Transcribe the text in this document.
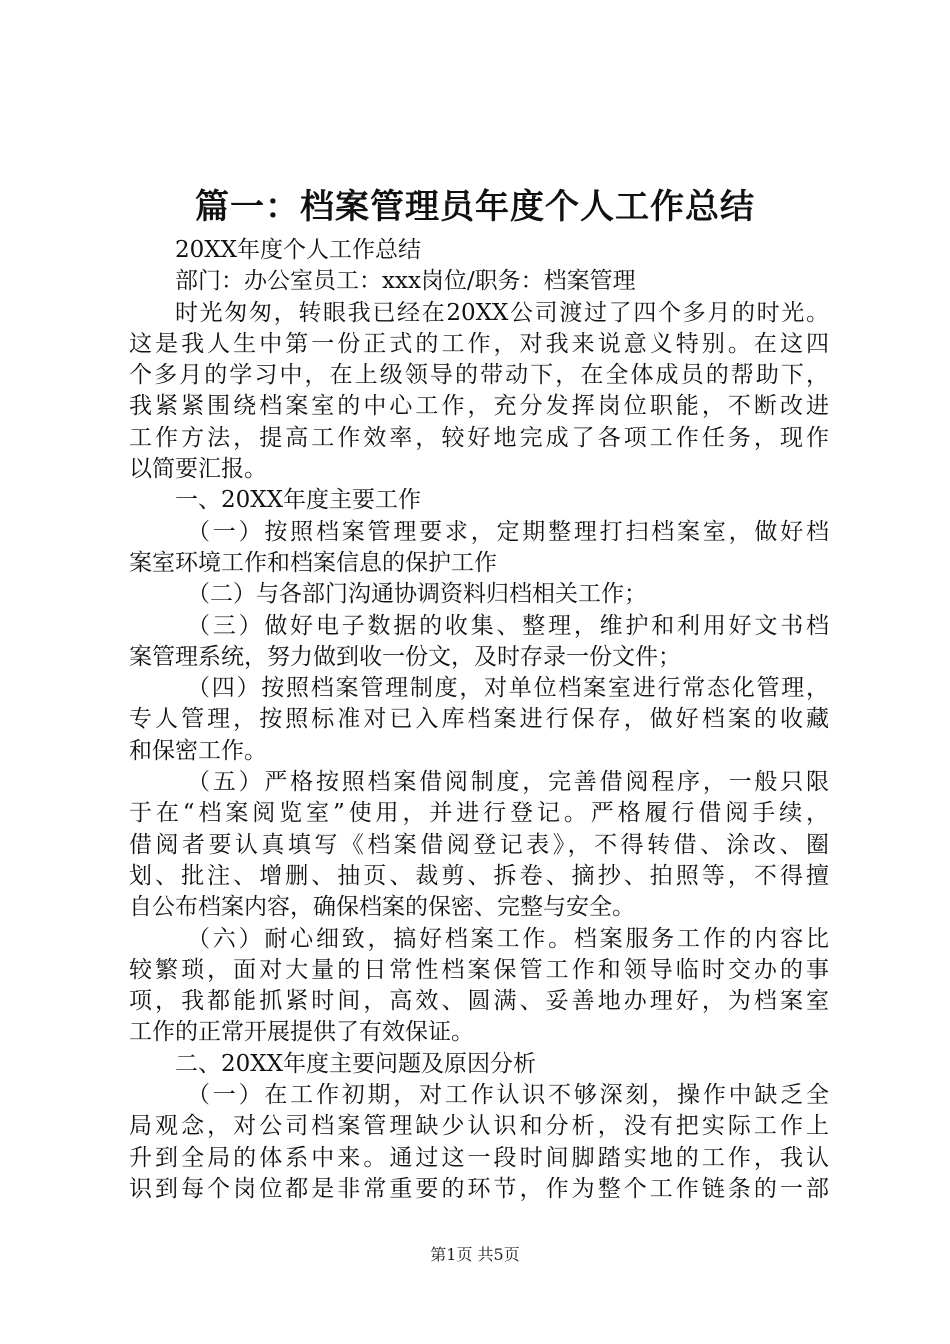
篇一：档案管理员年度个人工作总结
20XX年度个人工作总结
部门：办公室员工：xxx岗位/职务：档案管理
时光匆匆，转眼我已经在20XX公司渡过了四个多月的时光。
这是我人生中第一份正式的工作，对我来说意义特别。在这四
个多月的学习中，在上级领导的带动下，在全体成员的帮助下，
我紧紧围绕档案室的中心工作，充分发挥岗位职能，不断改进
工作方法，提高工作效率，较好地完成了各项工作任务，现作
以简要汇报。
一、20XX年度主要工作
（一）按照档案管理要求，定期整理打扫档案室，做好档
案室环境工作和档案信息的保护工作
（二）与各部门沟通协调资料归档相关工作；
（三）做好电子数据的收集、整理，维护和利用好文书档
案管理系统，努力做到收一份文，及时存录一份文件；
（四）按照档案管理制度，对单位档案室进行常态化管理，
专人管理，按照标准对已入库档案进行保存，做好档案的收藏
和保密工作。
（五）严格按照档案借阅制度，完善借阅程序，一般只限
于在“档案阅览室”使用，并进行登记。严格履行借阅手续，
借阅者要认真填写《档案借阅登记表》，不得转借、涂改、圈
划、批注、增删、抽页、裁剪、拆卷、摘抄、拍照等，不得擅
自公布档案内容，确保档案的保密、完整与安全。
（六）耐心细致，搞好档案工作。档案服务工作的内容比
较繁琐，面对大量的日常性档案保管工作和领导临时交办的事
项，我都能抓紧时间，高效、圆满、妥善地办理好，为档案室
工作的正常开展提供了有效保证。
二、20XX年度主要问题及原因分析
（一）在工作初期，对工作认识不够深刻，操作中缺乏全
局观念，对公司档案管理缺少认识和分析，没有把实际工作上
升到全局的体系中来。通过这一段时间脚踏实地的工作，我认
识到每个岗位都是非常重要的环节，作为整个工作链条的一部
第1页 共5页
